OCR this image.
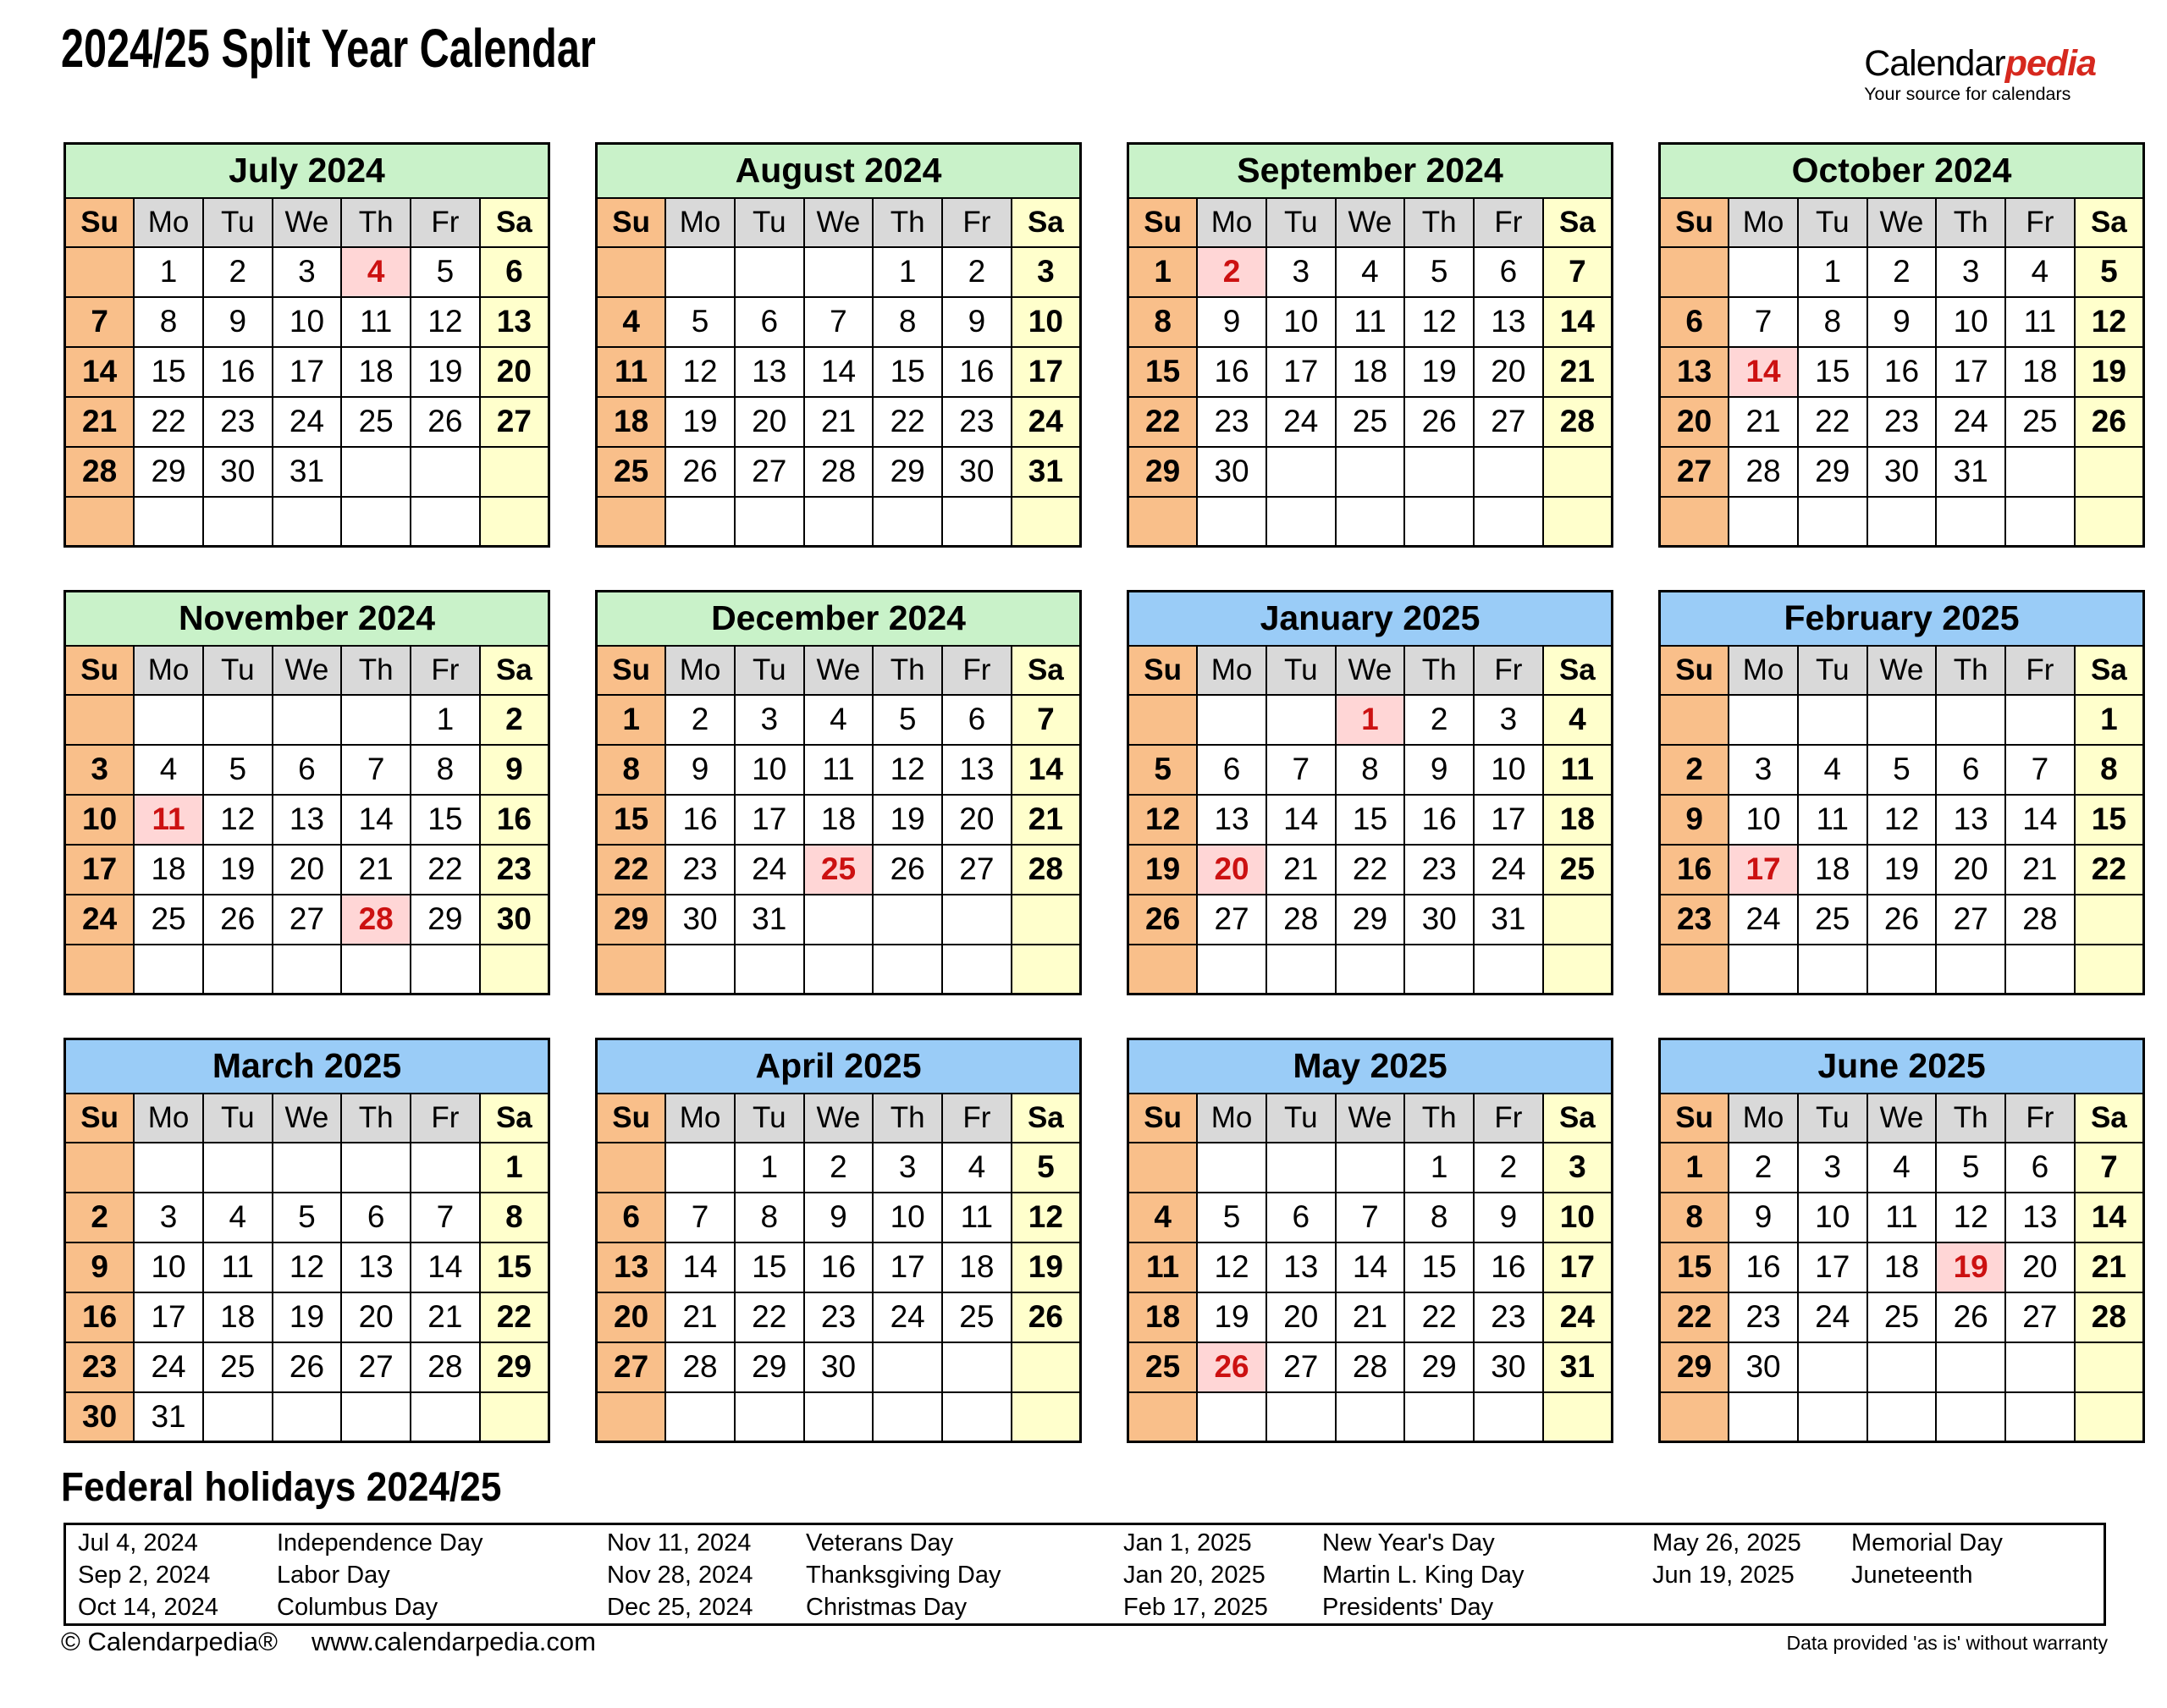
2024/25 Split Year Calendar	Calendarpedia
Your source for calendars
July 2024						
Su	Mo	Tu	We	Th	Fr	Sa
	1	2	3	4	5	6
7	8	9	10	11	12	13
14	15	16	17	18	19	20
21	22	23	24	25	26	27
28	29	30	31			

August 2024						
Su	Mo	Tu	We	Th	Fr	Sa
				1	2	3
4	5	6	7	8	9	10
11	12	13	14	15	16	17
18	19	20	21	22	23	24
25	26	27	28	29	30	31

September 2024						
Su	Mo	Tu	We	Th	Fr	Sa
1	2	3	4	5	6	7
8	9	10	11	12	13	14
15	16	17	18	19	20	21
22	23	24	25	26	27	28
29	30					

October 2024						
Su	Mo	Tu	We	Th	Fr	Sa
		1	2	3	4	5
6	7	8	9	10	11	12
13	14	15	16	17	18	19
20	21	22	23	24	25	26
27	28	29	30	31		

November 2024						
Su	Mo	Tu	We	Th	Fr	Sa
					1	2
3	4	5	6	7	8	9
10	11	12	13	14	15	16
17	18	19	20	21	22	23
24	25	26	27	28	29	30

December 2024						
Su	Mo	Tu	We	Th	Fr	Sa
1	2	3	4	5	6	7
8	9	10	11	12	13	14
15	16	17	18	19	20	21
22	23	24	25	26	27	28
29	30	31				

January 2025						
Su	Mo	Tu	We	Th	Fr	Sa
			1	2	3	4
5	6	7	8	9	10	11
12	13	14	15	16	17	18
19	20	21	22	23	24	25
26	27	28	29	30	31	

February 2025						
Su	Mo	Tu	We	Th	Fr	Sa
						1
2	3	4	5	6	7	8
9	10	11	12	13	14	15
16	17	18	19	20	21	22
23	24	25	26	27	28	

March 2025						
Su	Mo	Tu	We	Th	Fr	Sa
						1
2	3	4	5	6	7	8
9	10	11	12	13	14	15
16	17	18	19	20	21	22
23	24	25	26	27	28	29
30	31					
April 2025						
Su	Mo	Tu	We	Th	Fr	Sa
		1	2	3	4	5
6	7	8	9	10	11	12
13	14	15	16	17	18	19
20	21	22	23	24	25	26
27	28	29	30			

May 2025						
Su	Mo	Tu	We	Th	Fr	Sa
				1	2	3
4	5	6	7	8	9	10
11	12	13	14	15	16	17
18	19	20	21	22	23	24
25	26	27	28	29	30	31

June 2025						
Su	Mo	Tu	We	Th	Fr	Sa
1	2	3	4	5	6	7
8	9	10	11	12	13	14
15	16	17	18	19	20	21
22	23	24	25	26	27	28
29	30					

Federal holidays 2024/25
Jul 4, 2024	Independence Day	Nov 11, 2024	Veterans Day	Jan 1, 2025	New Year's Day	May 26, 2025	Memorial Day
Sep 2, 2024	Labor Day	Nov 28, 2024	Thanksgiving Day	Jan 20, 2025	Martin L. King Day	Jun 19, 2025	Juneteenth
Oct 14, 2024	Columbus Day	Dec 25, 2024	Christmas Day	Feb 17, 2025	Presidents' Day
© Calendarpedia® www.calendarpedia.com	Data provided 'as is' without warranty
